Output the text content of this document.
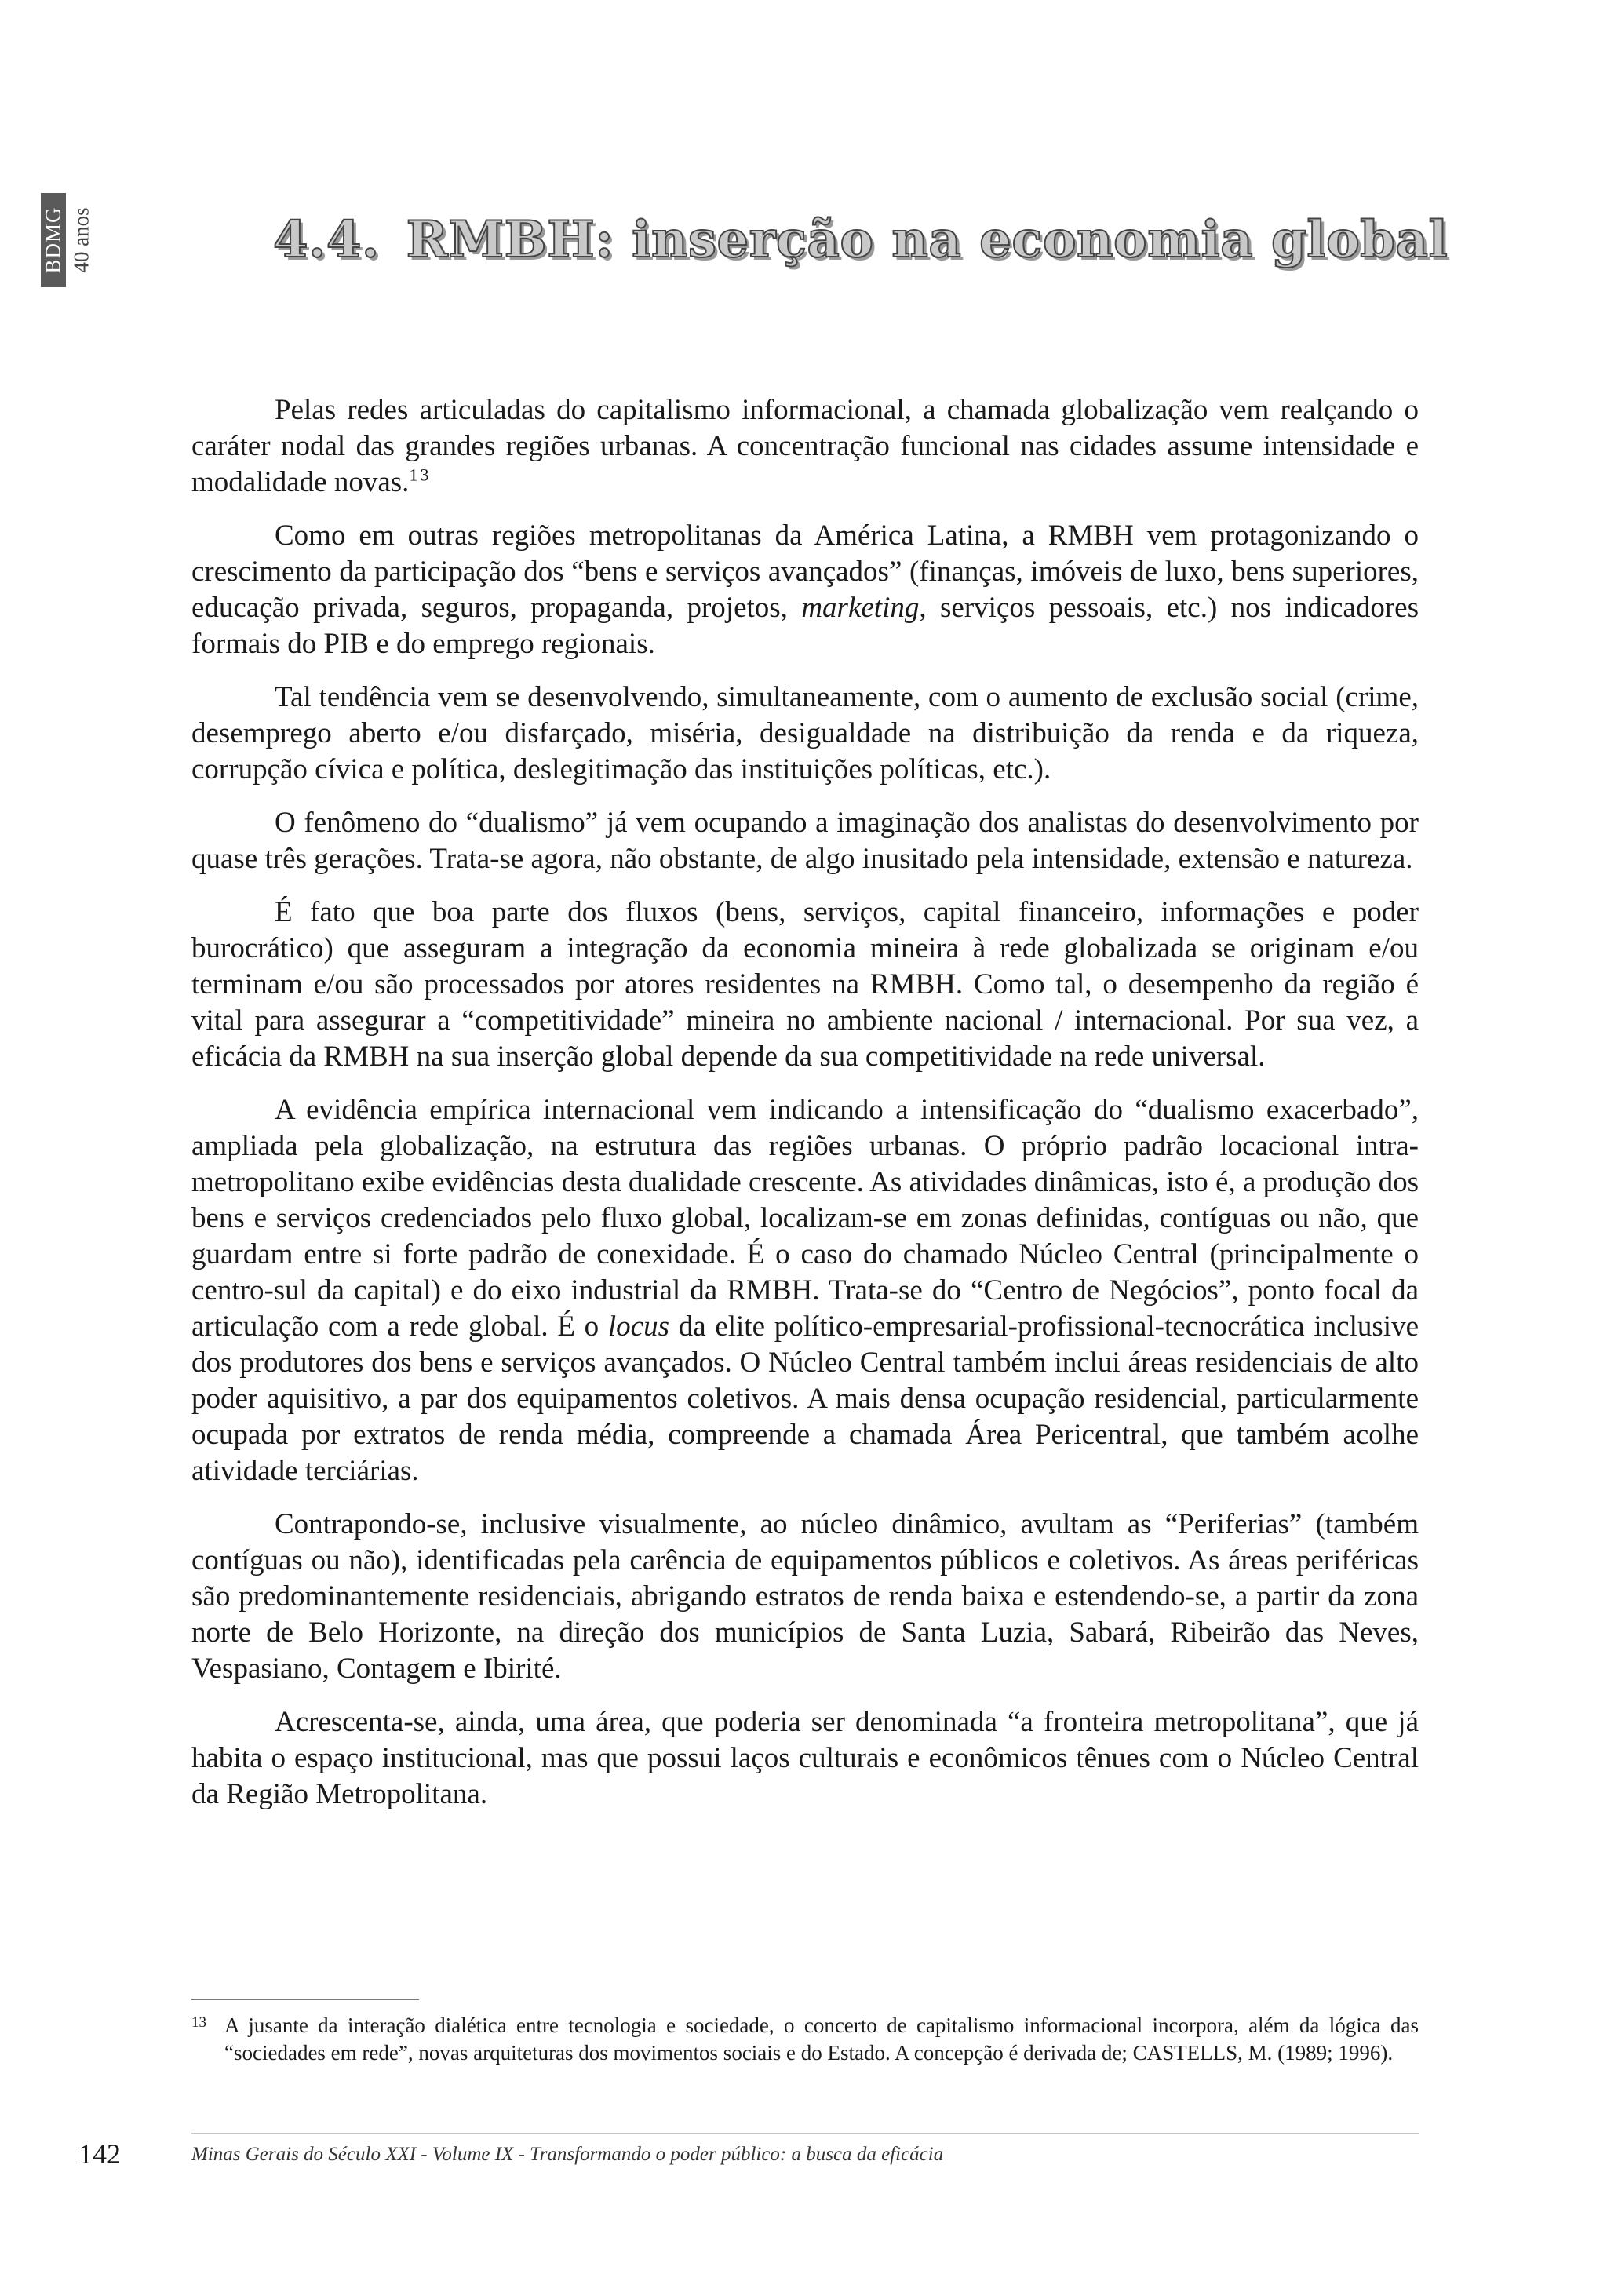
BDMG 40 anos	4.4. RMBH: inserção na economia global

Pelas redes articuladas do capitalismo informacional, a chamada globalização vem realçando o caráter nodal das grandes regiões urbanas. A concentração funcional nas cidades assume intensidade e modalidade novas.$^{13}$

Como em outras regiões metropolitanas da América Latina, a RMBH vem protagonizando o crescimento da participação dos “bens e serviços avançados” (finanças, imóveis de luxo, bens superiores, educação privada, seguros, propaganda, projetos, marketing, serviços pessoais, etc.) nos indicadores formais do PIB e do emprego regionais.

Tal tendência vem se desenvolvendo, simultaneamente, com o aumento de exclusão social (crime, desemprego aberto e/ou disfarçado, miséria, desigualdade na distribuição da renda e da riqueza, corrupção cívica e política, deslegitimação das instituições políticas, etc.).

O fenômeno do “dualismo” já vem ocupando a imaginação dos analistas do desenvolvimento por quase três gerações. Trata-se agora, não obstante, de algo inusitado pela intensidade, extensão e natureza.

É fato que boa parte dos fluxos (bens, serviços, capital financeiro, informações e poder burocrático) que asseguram a integração da economia mineira à rede globalizada se originam e/ou terminam e/ou são processados por atores residentes na RMBH. Como tal, o desempenho da região é vital para assegurar a “competitividade” mineira no ambiente nacional / internacional. Por sua vez, a eficácia da RMBH na sua inserção global depende da sua competitividade na rede universal.

A evidência empírica internacional vem indicando a intensificação do “dualismo exacerbado”, ampliada pela globalização, na estrutura das regiões urbanas. O próprio padrão locacional intra-metropolitano exibe evidências desta dualidade crescente. As atividades dinâmicas, isto é, a produção dos bens e serviços credenciados pelo fluxo global, localizam-se em zonas definidas, contíguas ou não, que guardam entre si forte padrão de conexidade. É o caso do chamado Núcleo Central (principalmente o centro-sul da capital) e do eixo industrial da RMBH. Trata-se do “Centro de Negócios”, ponto focal da articulação com a rede global. É o locus da elite político-empresarial-profissional-tecnocrática inclusive dos produtores dos bens e serviços avançados. O Núcleo Central também inclui áreas residenciais de alto poder aquisitivo, a par dos equipamentos coletivos. A mais densa ocupação residencial, particularmente ocupada por extratos de renda média, compreende a chamada Área Pericentral, que também acolhe atividade terciárias.

Contrapondo-se, inclusive visualmente, ao núcleo dinâmico, avultam as “Periferias” (também contíguas ou não), identificadas pela carência de equipamentos públicos e coletivos. As áreas periféricas são predominantemente residenciais, abrigando estratos de renda baixa e estendendo-se, a partir da zona norte de Belo Horizonte, na direção dos municípios de Santa Luzia, Sabará, Ribeirão das Neves, Vespasiano, Contagem e Ibirité.

Acrescenta-se, ainda, uma área, que poderia ser denominada “a fronteira metropolitana”, que já habita o espaço institucional, mas que possui laços culturais e econômicos tênues com o Núcleo Central da Região Metropolitana.

13 A jusante da interação dialética entre tecnologia e sociedade, o concerto de capitalismo informacional incorpora, além da lógica das “sociedades em rede”, novas arquiteturas dos movimentos sociais e do Estado. A concepção é derivada de; CASTELLS, M. (1989; 1996).
142	Minas Gerais do Século XXI - Volume IX - Transformando o poder público: a busca da eficácia
